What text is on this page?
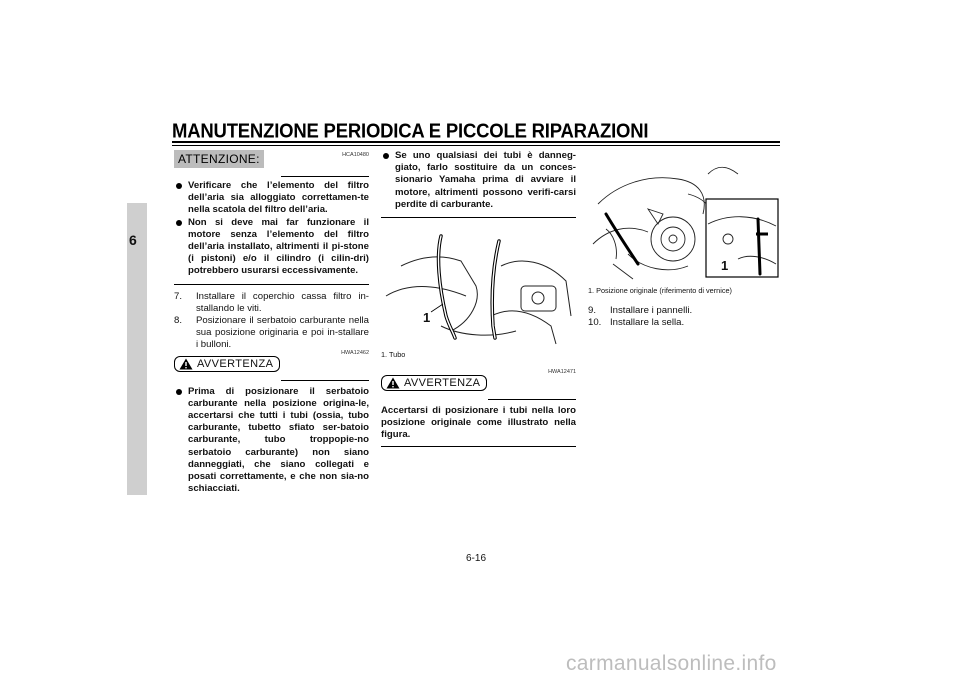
MANUTENZIONE PERIODICA E PICCOLE RIPARAZIONI
6
ATTENZIONE:	HCA10480
Verificare che l’elemento del filtro dell’aria sia alloggiato correttamen-te nella scatola del filtro dell’aria.
Non si deve mai far funzionare il motore senza l’elemento del filtro dell’aria installato, altrimenti il pi-stone (i pistoni) e/o il cilindro (i cilin-dri) potrebbero usurarsi eccessivamente.
7. Installare il coperchio cassa filtro in-stallando le viti.
8. Posizionare il serbatoio carburante nella sua posizione originaria e poi in-stallare i bulloni.
AVVERTENZA
HWA12462
Prima di posizionare il serbatoio carburante nella posizione origina-le, accertarsi che tutti i tubi (ossia, tubo carburante, tubetto sfiato ser-batoio carburante, tubo troppopie-no serbatoio carburante) non siano danneggiati, che siano collegati e posati correttamente, e che non sia-no schiacciati.
Se uno qualsiasi dei tubi è danneg-giato, farlo sostituire da un conces-sionario Yamaha prima di avviare il motore, altrimenti possono verifi-carsi perdite di carburante.
1
1. Tubo
AVVERTENZA
HWA12471
Accertarsi di posizionare i tubi nella loro posizione originale come illustrato nella figura.
1
1. Posizione originale (riferimento di vernice)
9. Installare i pannelli.
10. Installare la sella.
6-16
carmanualsonline.info
